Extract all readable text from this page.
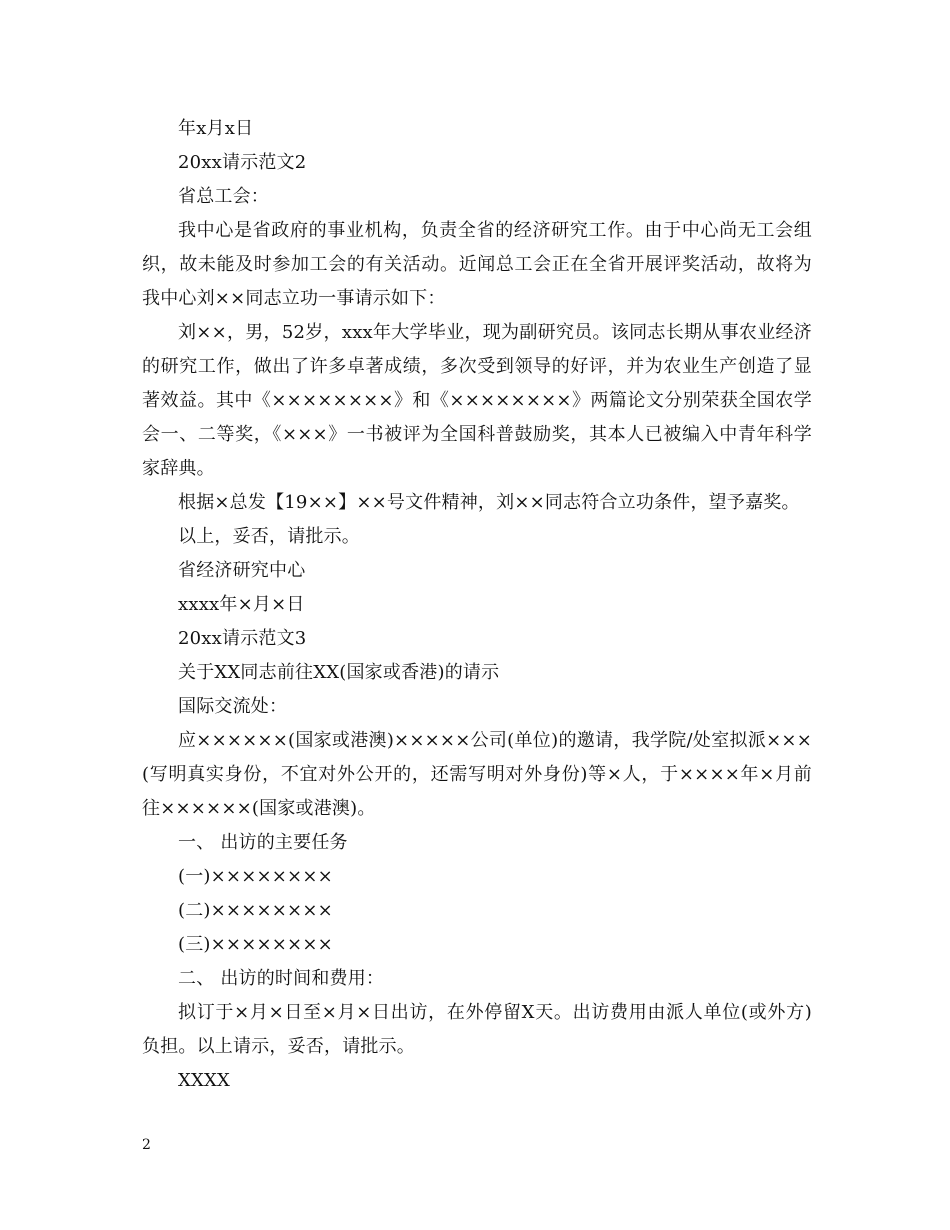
年x月x日

20xx请示范文2

省总工会：

我中心是省政府的事业机构，负责全省的经济研究工作。由于中心尚无工会组织，故未能及时参加工会的有关活动。近闻总工会正在全省开展评奖活动，故将为我中心刘××同志立功一事请示如下：

刘××，男，52岁，xxx年大学毕业，现为副研究员。该同志长期从事农业经济的研究工作，做出了许多卓著成绩，多次受到领导的好评，并为农业生产创造了显著效益。其中《××××××××》和《××××××××》两篇论文分别荣获全国农学会一、二等奖，《×××》一书被评为全国科普鼓励奖，其本人已被编入中青年科学家辞典。

根据×总发【19××】××号文件精神，刘××同志符合立功条件，望予嘉奖。

以上，妥否，请批示。

省经济研究中心

xxxx年×月×日

20xx请示范文3

关于XX同志前往XX(国家或香港)的请示

国际交流处：

应××××××(国家或港澳)×××××公司(单位)的邀请，我学院/处室拟派×××(写明真实身份，不宜对外公开的，还需写明对外身份)等×人，于××××年×月前往××××××(国家或港澳)。

一、 出访的主要任务

(一)××××××××

(二)××××××××

(三)××××××××

二、 出访的时间和费用：

拟订于×月×日至×月×日出访，在外停留X天。出访费用由派人单位(或外方)负担。以上请示，妥否，请批示。

XXXX

2
